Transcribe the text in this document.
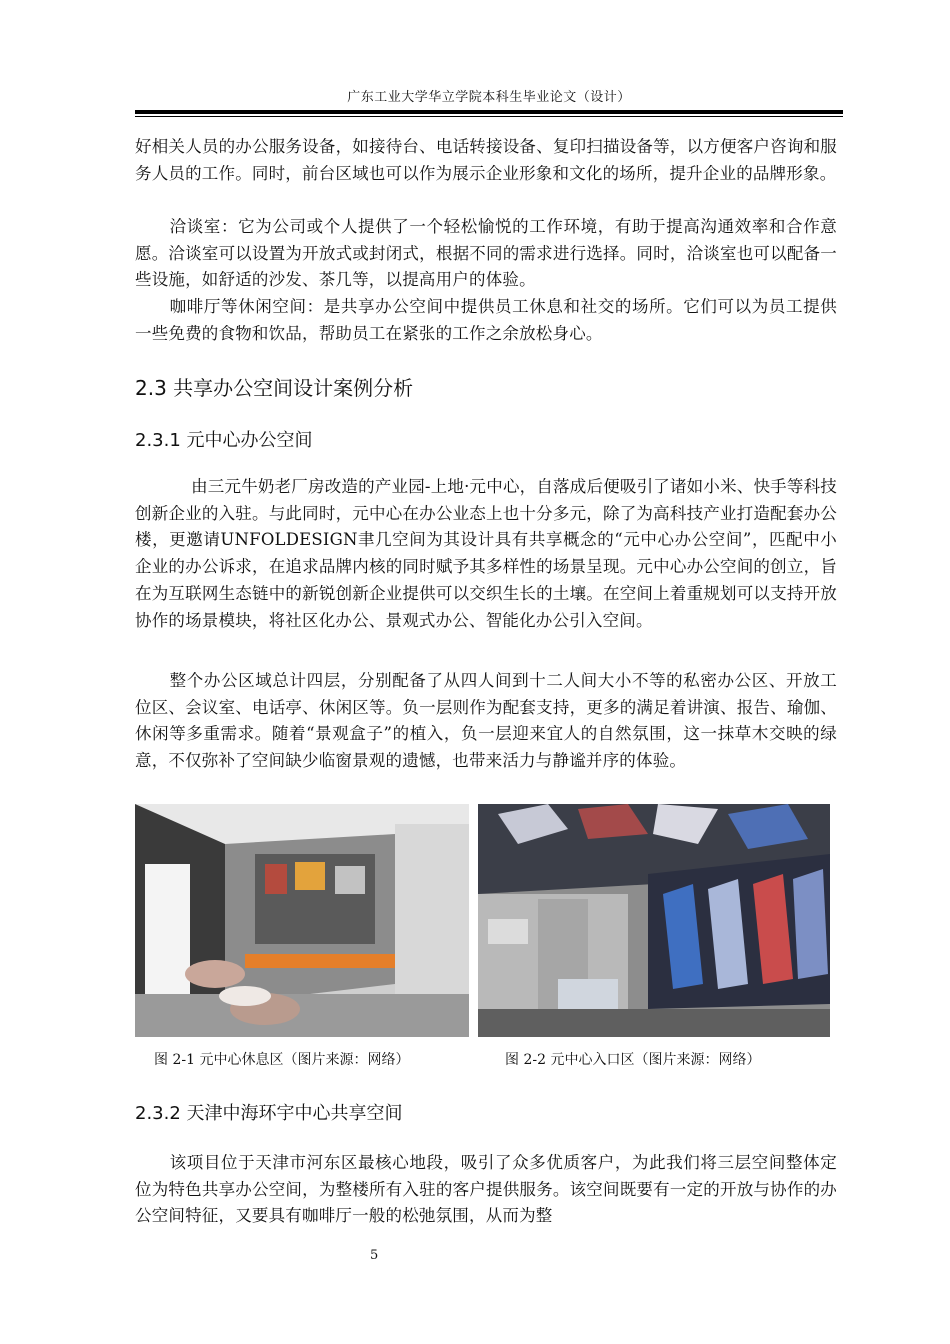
广东工业大学华立学院本科生毕业论文（设计）

好相关人员的办公服务设备，如接待台、电话转接设备、复印扫描设备等，以方便客户咨询和服务人员的工作。同时，前台区域也可以作为展示企业形象和文化的场所，提升企业的品牌形象。

洽谈室：它为公司或个人提供了一个轻松愉悦的工作环境，有助于提高沟通效率和合作意愿。洽谈室可以设置为开放式或封闭式，根据不同的需求进行选择。同时，洽谈室也可以配备一些设施，如舒适的沙发、茶几等，以提高用户的体验。

咖啡厅等休闲空间：是共享办公空间中提供员工休息和社交的场所。它们可以为员工提供一些免费的食物和饮品，帮助员工在紧张的工作之余放松身心。

2.3 共享办公空间设计案例分析
2.3.1 元中心办公空间

由三元牛奶老厂房改造的产业园-上地·元中心，自落成后便吸引了诸如小米、快手等科技创新企业的入驻。与此同时，元中心在办公业态上也十分多元，除了为高科技产业打造配套办公楼，更邀请UNFOLDESIGN聿几空间为其设计具有共享概念的“元中心办公空间”，匹配中小企业的办公诉求，在追求品牌内核的同时赋予其多样性的场景呈现。元中心办公空间的创立，旨在为互联网生态链中的新锐创新企业提供可以交织生长的土壤。在空间上着重规划可以支持开放协作的场景模块，将社区化办公、景观式办公、智能化办公引入空间。

整个办公区域总计四层，分别配备了从四人间到十二人间大小不等的私密办公区、开放工位区、会议室、电话亭、休闲区等。负一层则作为配套支持，更多的满足着讲演、报告、瑜伽、休闲等多重需求。随着“景观盒子”的植入，负一层迎来宜人的自然氛围，这一抹草木交映的绿意，不仅弥补了空间缺少临窗景观的遗憾，也带来活力与静谧并序的体验。

图 2-1 元中心休息区（图片来源：网络）	图 2-2 元中心入口区（图片来源：网络）
2.3.2 天津中海环宇中心共享空间

该项目位于天津市河东区最核心地段，吸引了众多优质客户，为此我们将三层空间整体定位为特色共享办公空间，为整楼所有入驻的客户提供服务。该空间既要有一定的开放与协作的办公空间特征，又要具有咖啡厅一般的松弛氛围，从而为整

5
